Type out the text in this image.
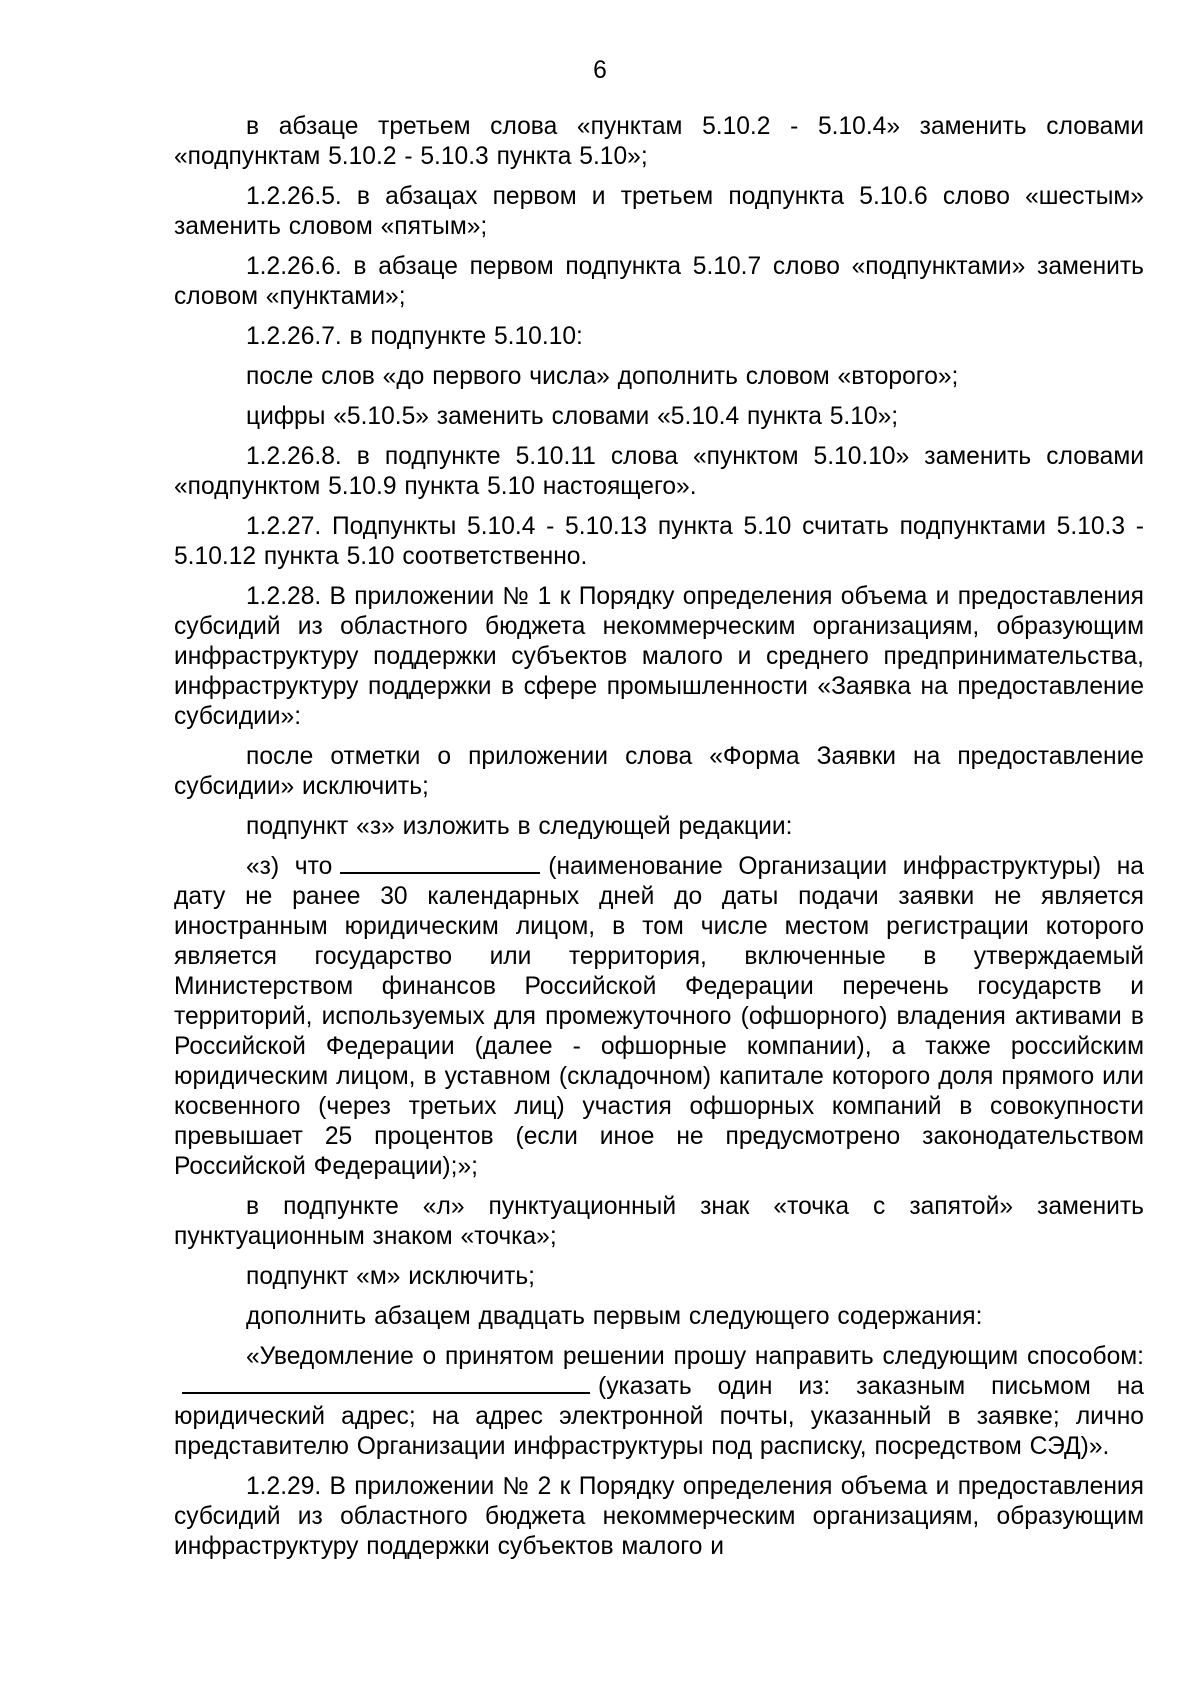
6

в абзаце третьем слова «пунктам 5.10.2 - 5.10.4» заменить словами «подпунктам 5.10.2 - 5.10.3 пункта 5.10»;

1.2.26.5. в абзацах первом и третьем подпункта 5.10.6 слово «шестым» заменить словом «пятым»;

1.2.26.6. в абзаце первом подпункта 5.10.7 слово «подпунктами» заменить словом «пунктами»;

1.2.26.7. в подпункте 5.10.10:

после слов «до первого числа» дополнить словом «второго»;

цифры «5.10.5» заменить словами «5.10.4 пункта 5.10»;

1.2.26.8. в подпункте 5.10.11 слова «пунктом 5.10.10» заменить словами «подпунктом 5.10.9 пункта 5.10 настоящего».

1.2.27. Подпункты 5.10.4 - 5.10.13 пункта 5.10 считать подпунктами 5.10.3 - 5.10.12 пункта 5.10 соответственно.

1.2.28. В приложении № 1 к Порядку определения объема и предоставления субсидий из областного бюджета некоммерческим организациям, образующим инфраструктуру поддержки субъектов малого и среднего предпринимательства, инфраструктуру поддержки в сфере промышленности «Заявка на предоставление субсидии»:

после отметки о приложении слова «Форма Заявки на предоставление субсидии» исключить;

подпункт «з» изложить в следующей редакции:

«з) что	(наименование Организации инфраструктуры) на дату не ранее 30 календарных дней до даты подачи заявки не является иностранным юридическим лицом, в том числе местом регистрации которого является государство или территория, включенные в утверждаемый Министерством финансов Российской Федерации перечень государств и территорий, используемых для промежуточного (офшорного) владения активами в Российской Федерации (далее - офшорные компании), а также российским юридическим лицом, в уставном (складочном) капитале которого доля прямого или косвенного (через третьих лиц) участия офшорных компаний в совокупности превышает 25 процентов (если иное не предусмотрено законодательством Российской Федерации);»;

в подпункте «л» пунктуационный знак «точка с запятой» заменить пунктуационным знаком «точка»;

подпункт «м» исключить;

дополнить абзацем двадцать первым следующего содержания:

«Уведомление о принятом решении прошу направить следующим способом:(указать один из: заказным письмом на юридический адрес; на адрес электронной почты, указанный в заявке; лично представителю Организации инфраструктуры под расписку, посредством СЭД)».

1.2.29. В приложении № 2 к Порядку определения объема и предоставления субсидий из областного бюджета некоммерческим организациям, образующим инфраструктуру поддержки субъектов малого и
